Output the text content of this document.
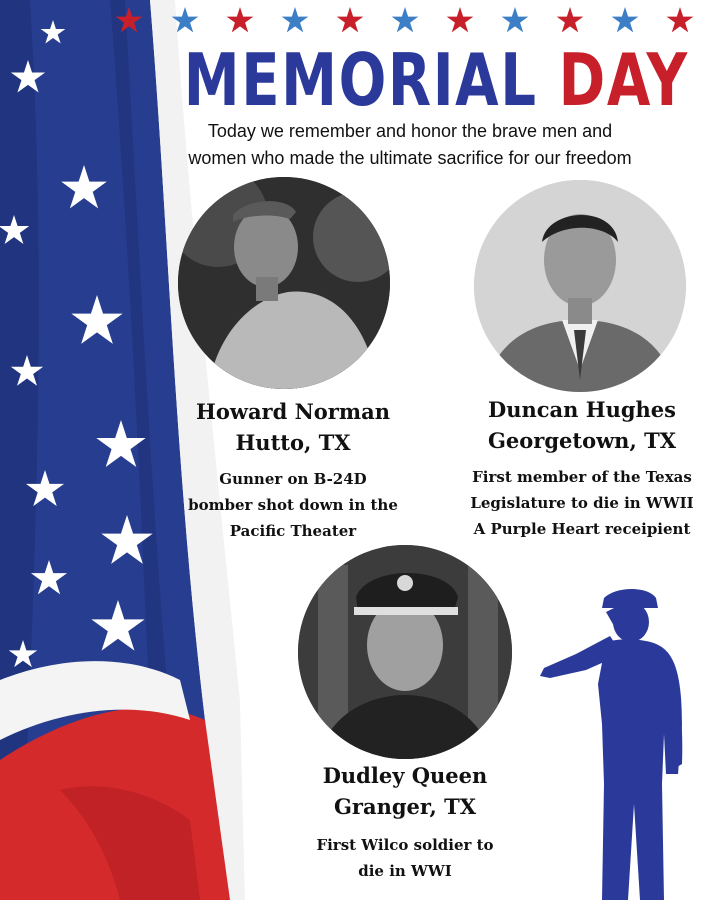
MEMORIAL DAY
Today we remember and honor the brave men and
women who made the ultimate sacrifice for our freedom
Howard Norman
Hutto, TX
Gunner on B-24D
bomber shot down in the
Pacific Theater
Duncan Hughes
Georgetown, TX
First member of the Texas
Legislature to die in WWII
A Purple Heart receipient
Dudley Queen
Granger, TX
First Wilco soldier to
die in WWI
